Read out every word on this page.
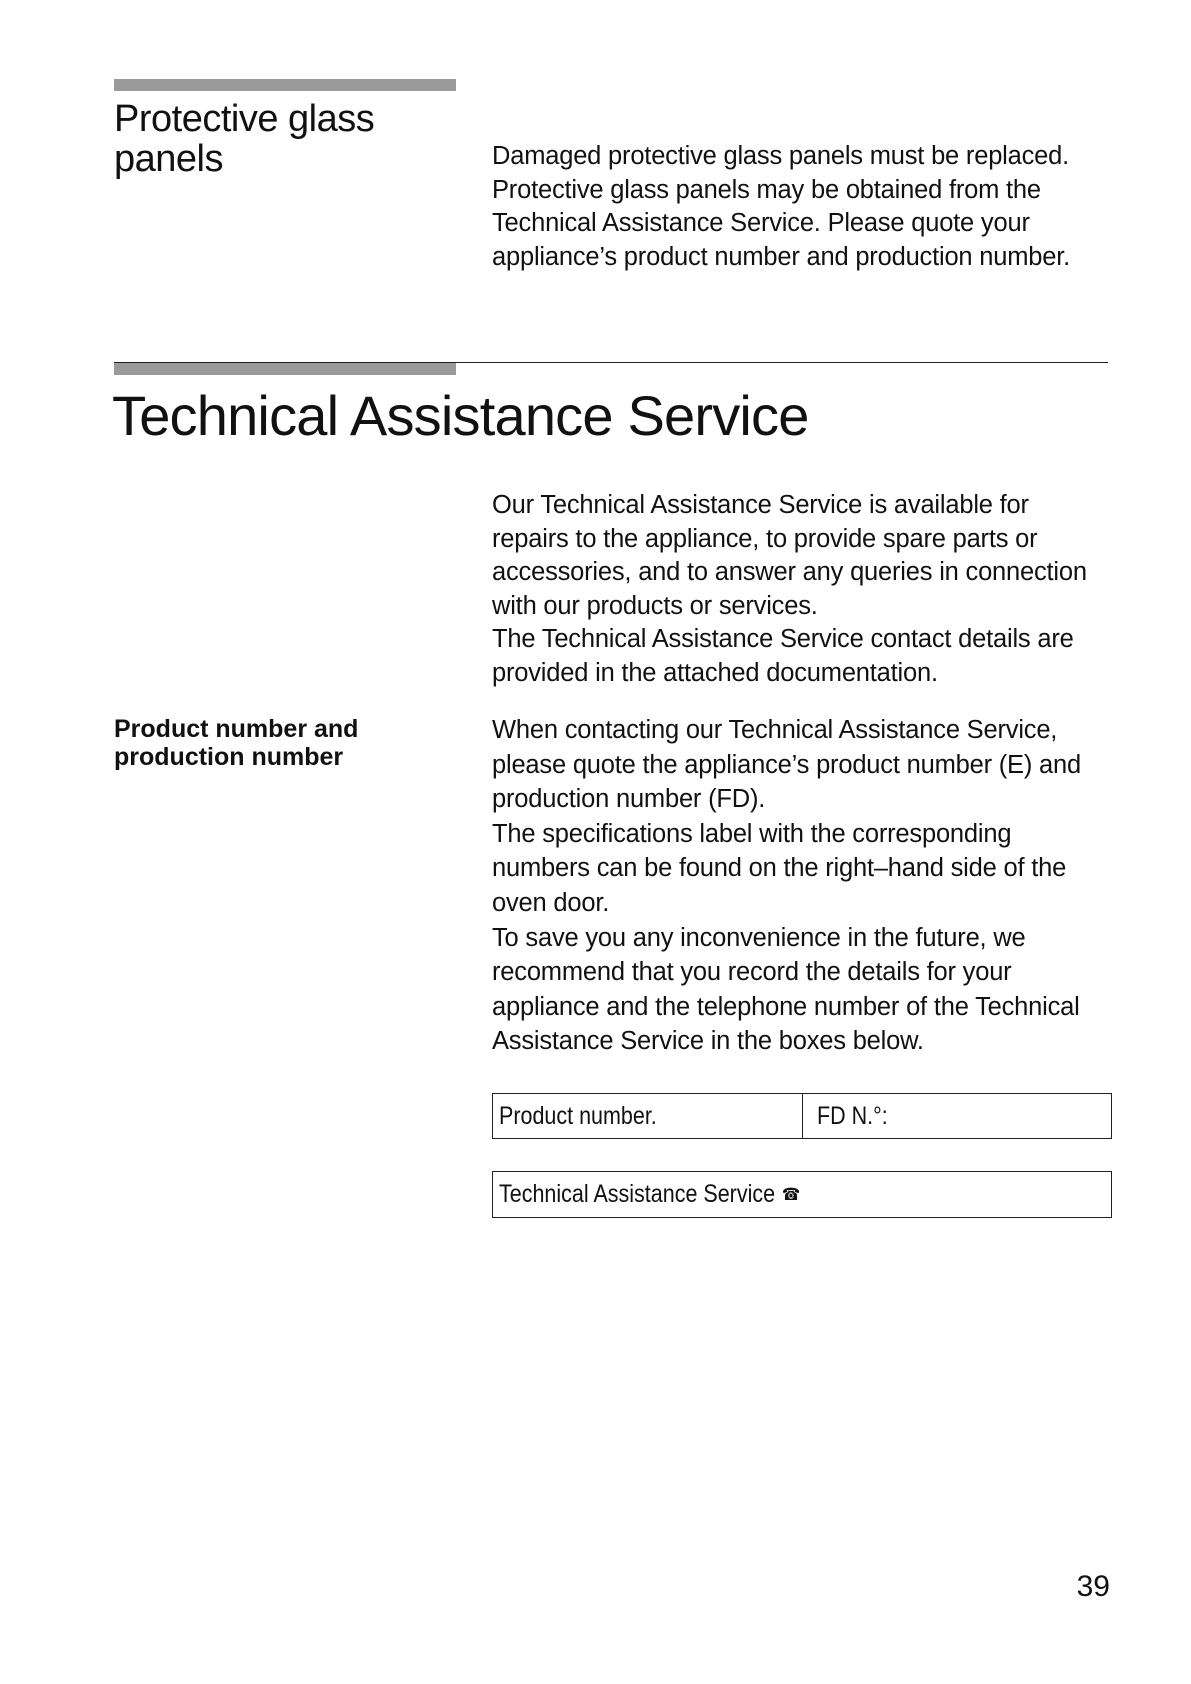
Protective glass
panels	Damaged protective glass panels must be replaced.

Protective glass panels may be obtained from the

Technical Assistance Service. Please quote your

appliance’s product number and production number.

Technical Assistance Service

Our Technical Assistance Service is available for

repairs to the appliance, to provide spare parts or

accessories, and to answer any queries in connection

with our products or services.

The Technical Assistance Service contact details are

provided in the attached documentation.

Product number and
production number

When contacting our Technical Assistance Service,

please quote the appliance’s product number (E) and

production number (FD).

The specifications label with the corresponding

numbers can be found on the right–hand side of the

oven door.

To save you any inconvenience in the future, we

recommend that you record the details for your

appliance and the telephone number of the Technical

Assistance Service in the boxes below.

Product number.	FD N.°:
Technical Assistance Service ☎
39
